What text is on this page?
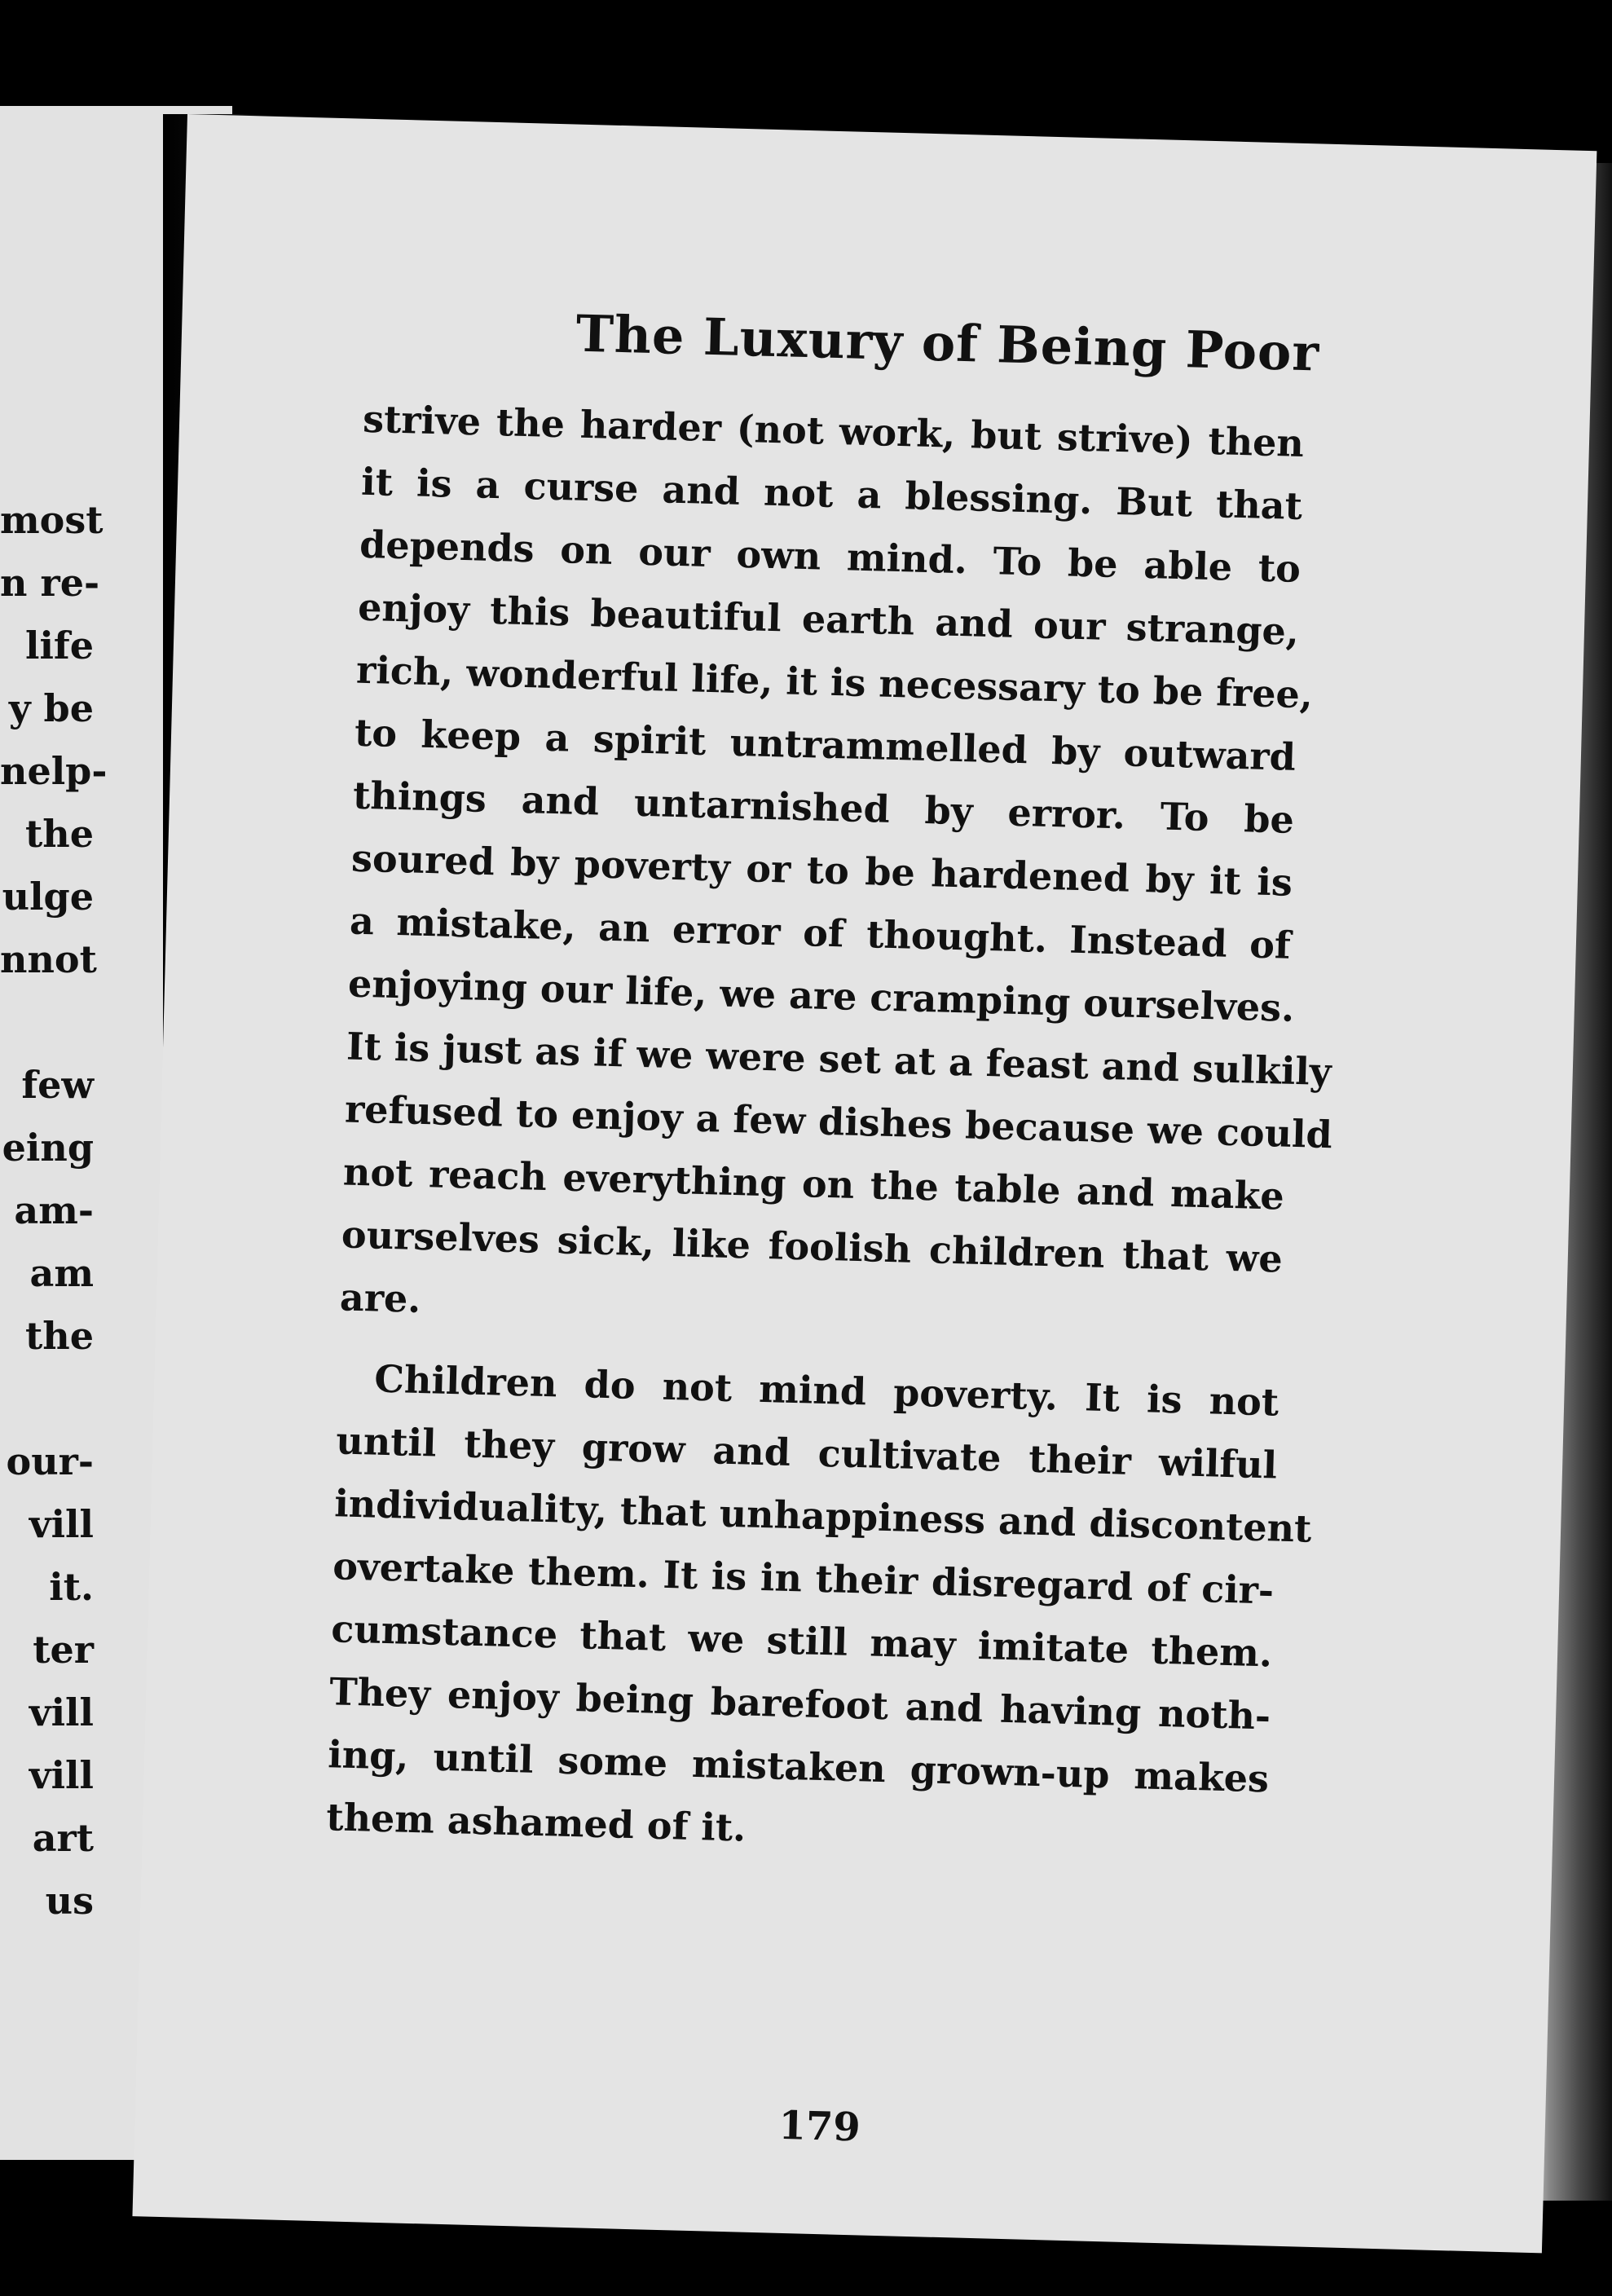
most
n re-
life
y be
nelp-
the
ulge
nnot
few
eing
am-
am
the
our-
vill
it.
ter
vill
vill
art
us
The Luxury of Being Poor
strive the harder (not work, but strive) then
it is a curse and not a blessing. But that
depends on our own mind. To be able to
enjoy this beautiful earth and our strange,
rich, wonderful life, it is necessary to be free,
to keep a spirit untrammelled by outward
things and untarnished by error. To be
soured by poverty or to be hardened by it is
a mistake, an error of thought. Instead of
enjoying our life, we are cramping ourselves.
It is just as if we were set at a feast and sulkily
refused to enjoy a few dishes because we could
not reach everything on the table and make
ourselves sick, like foolish children that we
are.
Children do not mind poverty. It is not
until they grow and cultivate their wilful
individuality, that unhappiness and discontent
overtake them. It is in their disregard of cir-
cumstance that we still may imitate them.
They enjoy being barefoot and having noth-
ing, until some mistaken grown-up makes
them ashamed of it.
179
